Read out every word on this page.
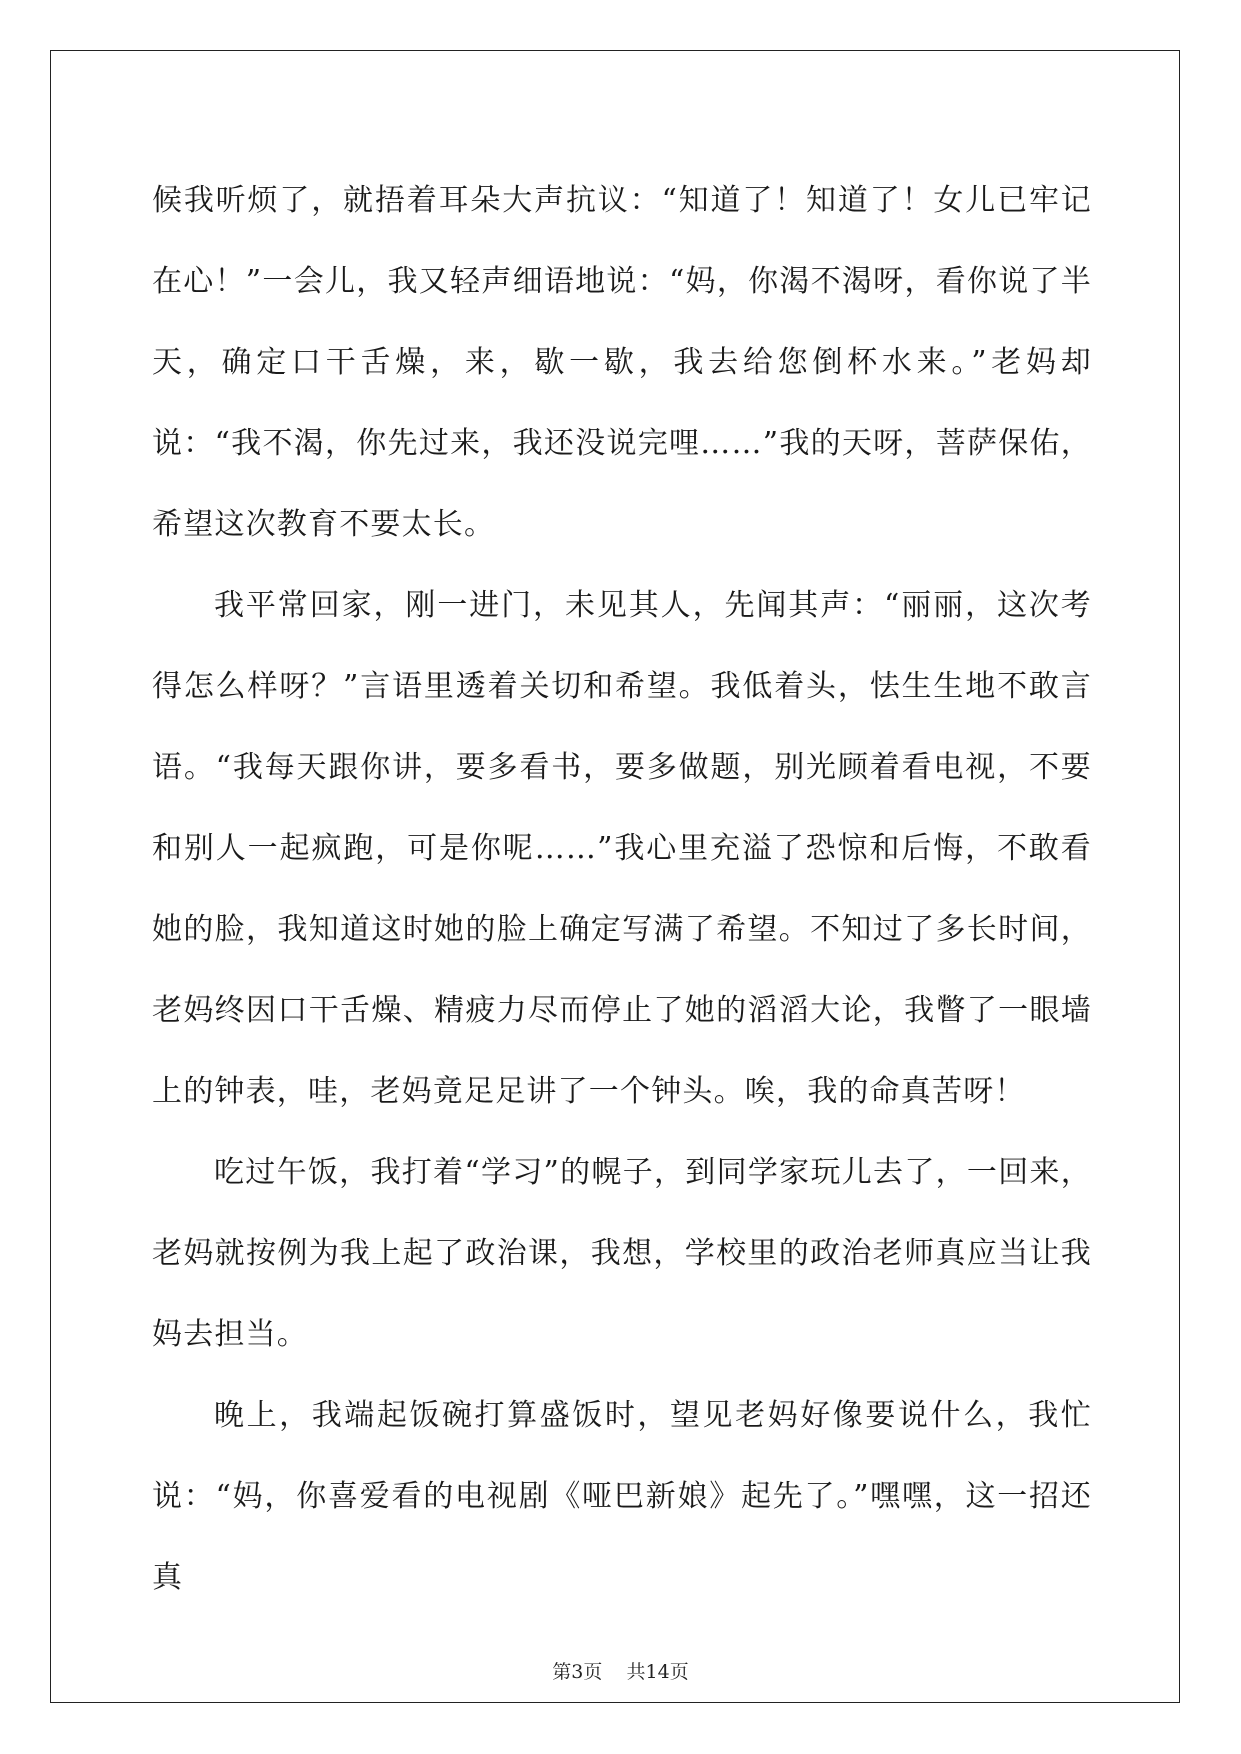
候我听烦了，就捂着耳朵大声抗议：“知道了！知道了！女儿已牢记在心！”一会儿，我又轻声细语地说：“妈，你渴不渴呀，看你说了半天，确定口干舌燥，来，歇一歇，我去给您倒杯水来。”老妈却说：“我不渴，你先过来，我还没说完哩……”我的天呀，菩萨保佑，希望这次教育不要太长。

我平常回家，刚一进门，未见其人，先闻其声：“丽丽，这次考得怎么样呀？”言语里透着关切和希望。我低着头，怯生生地不敢言语。“我每天跟你讲，要多看书，要多做题，别光顾着看电视，不要和别人一起疯跑，可是你呢……”我心里充溢了恐惊和后悔，不敢看她的脸，我知道这时她的脸上确定写满了希望。不知过了多长时间，老妈终因口干舌燥、精疲力尽而停止了她的滔滔大论，我瞥了一眼墙上的钟表，哇，老妈竟足足讲了一个钟头。唉，我的命真苦呀！

吃过午饭，我打着“学习”的幌子，到同学家玩儿去了，一回来，老妈就按例为我上起了政治课，我想，学校里的政治老师真应当让我妈去担当。

晚上，我端起饭碗打算盛饭时，望见老妈好像要说什么，我忙说：“妈，你喜爱看的电视剧《哑巴新娘》起先了。”嘿嘿，这一招还真

第3页 共14页
